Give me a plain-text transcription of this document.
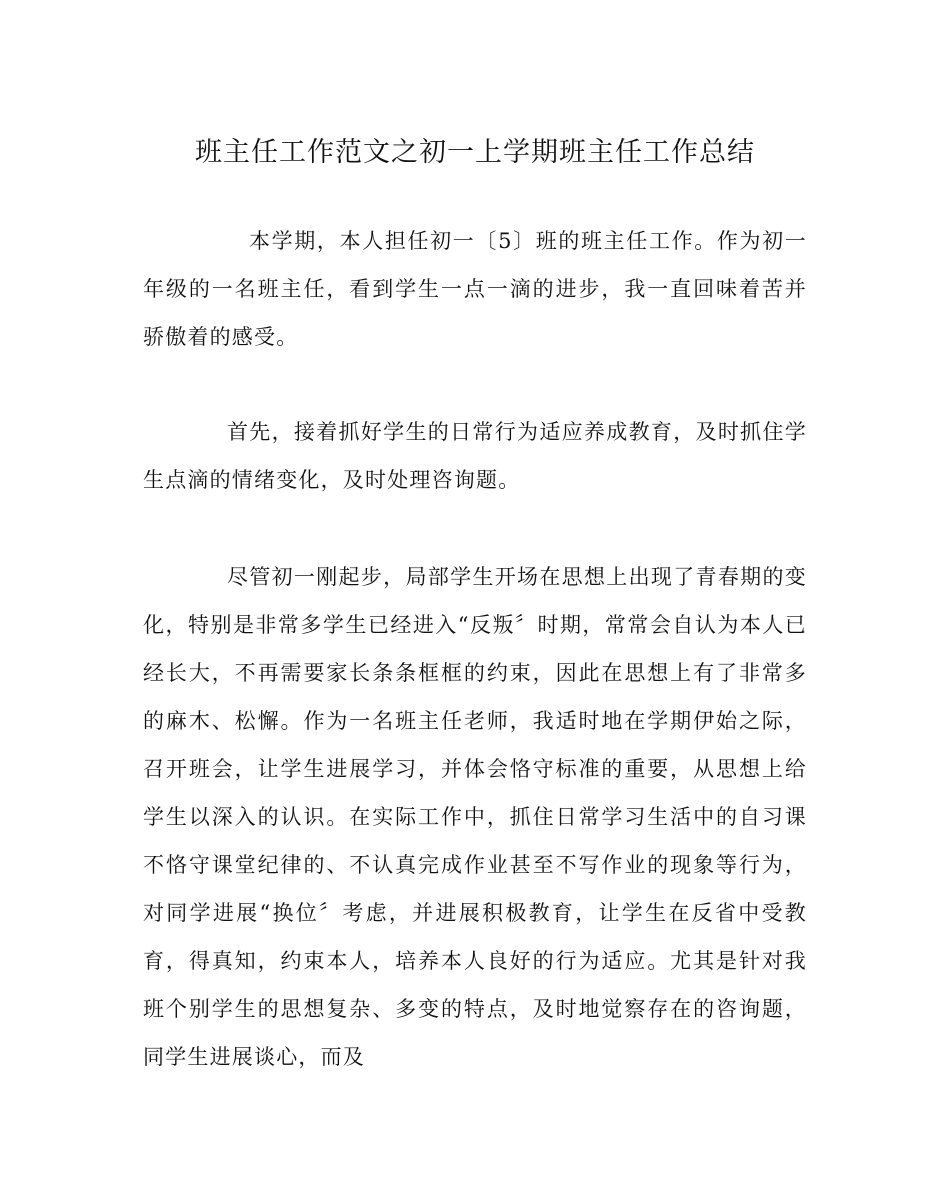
班主任工作范文之初一上学期班主任工作总结

本学期，本人担任初一〔5〕班的班主任工作。作为初一年级的一名班主任，看到学生一点一滴的进步，我一直回味着苦并骄傲着的感受。

首先，接着抓好学生的日常行为适应养成教育，及时抓住学生点滴的情绪变化，及时处理咨询题。

尽管初一刚起步，局部学生开场在思想上出现了青春期的变化，特别是非常多学生已经进入“反叛〞时期，常常会自认为本人已经长大，不再需要家长条条框框的约束，因此在思想上有了非常多的麻木、松懈。作为一名班主任老师，我适时地在学期伊始之际，召开班会，让学生进展学习，并体会恪守标准的重要，从思想上给学生以深入的认识。在实际工作中，抓住日常学习生活中的自习课不恪守课堂纪律的、不认真完成作业甚至不写作业的现象等行为，对同学进展“换位〞考虑，并进展积极教育，让学生在反省中受教育，得真知，约束本人，培养本人良好的行为适应。尤其是针对我班个别学生的思想复杂、多变的特点，及时地觉察存在的咨询题，同学生进展谈心，而及
